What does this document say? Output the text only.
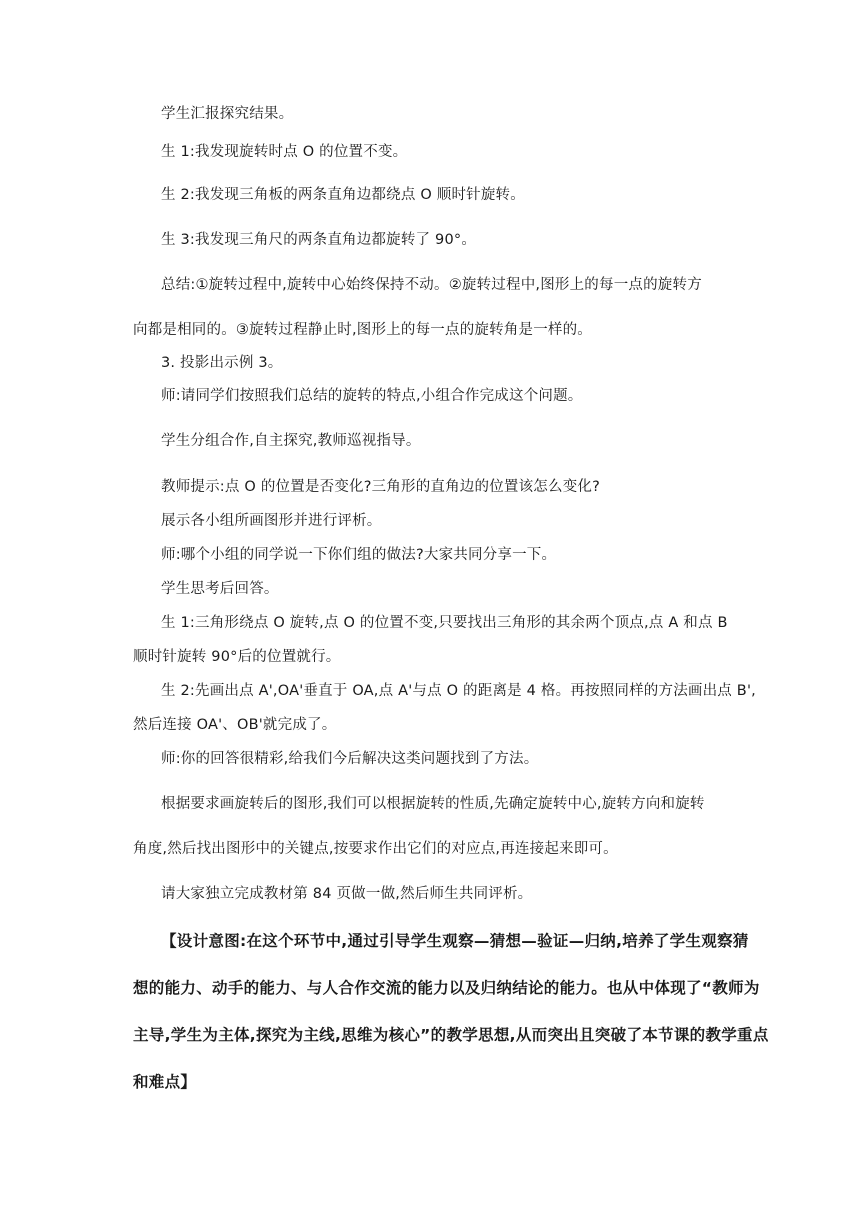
学生汇报探究结果。
生 1:我发现旋转时点 O 的位置不变。
生 2:我发现三角板的两条直角边都绕点 O 顺时针旋转。
生 3:我发现三角尺的两条直角边都旋转了 90°。
总结:①旋转过程中,旋转中心始终保持不动。②旋转过程中,图形上的每一点的旋转方
向都是相同的。③旋转过程静止时,图形上的每一点的旋转角是一样的。
3. 投影出示例 3。
师:请同学们按照我们总结的旋转的特点,小组合作完成这个问题。
学生分组合作,自主探究,教师巡视指导。
教师提示:点 O 的位置是否变化?三角形的直角边的位置该怎么变化?
展示各小组所画图形并进行评析。
师:哪个小组的同学说一下你们组的做法?大家共同分享一下。
学生思考后回答。
生 1:三角形绕点 O 旋转,点 O 的位置不变,只要找出三角形的其余两个顶点,点 A 和点 B
顺时针旋转 90°后的位置就行。
生 2:先画出点 A',OA'垂直于 OA,点 A'与点 O 的距离是 4 格。再按照同样的方法画出点 B',
然后连接 OA'、OB'就完成了。
师:你的回答很精彩,给我们今后解决这类问题找到了方法。
根据要求画旋转后的图形,我们可以根据旋转的性质,先确定旋转中心,旋转方向和旋转
角度,然后找出图形中的关键点,按要求作出它们的对应点,再连接起来即可。
请大家独立完成教材第 84 页做一做,然后师生共同评析。
【设计意图:在这个环节中,通过引导学生观察—猜想—验证—归纳,培养了学生观察猜
想的能力、动手的能力、与人合作交流的能力以及归纳结论的能力。也从中体现了“教师为
主导,学生为主体,探究为主线,思维为核心”的教学思想,从而突出且突破了本节课的教学重点
和难点】
